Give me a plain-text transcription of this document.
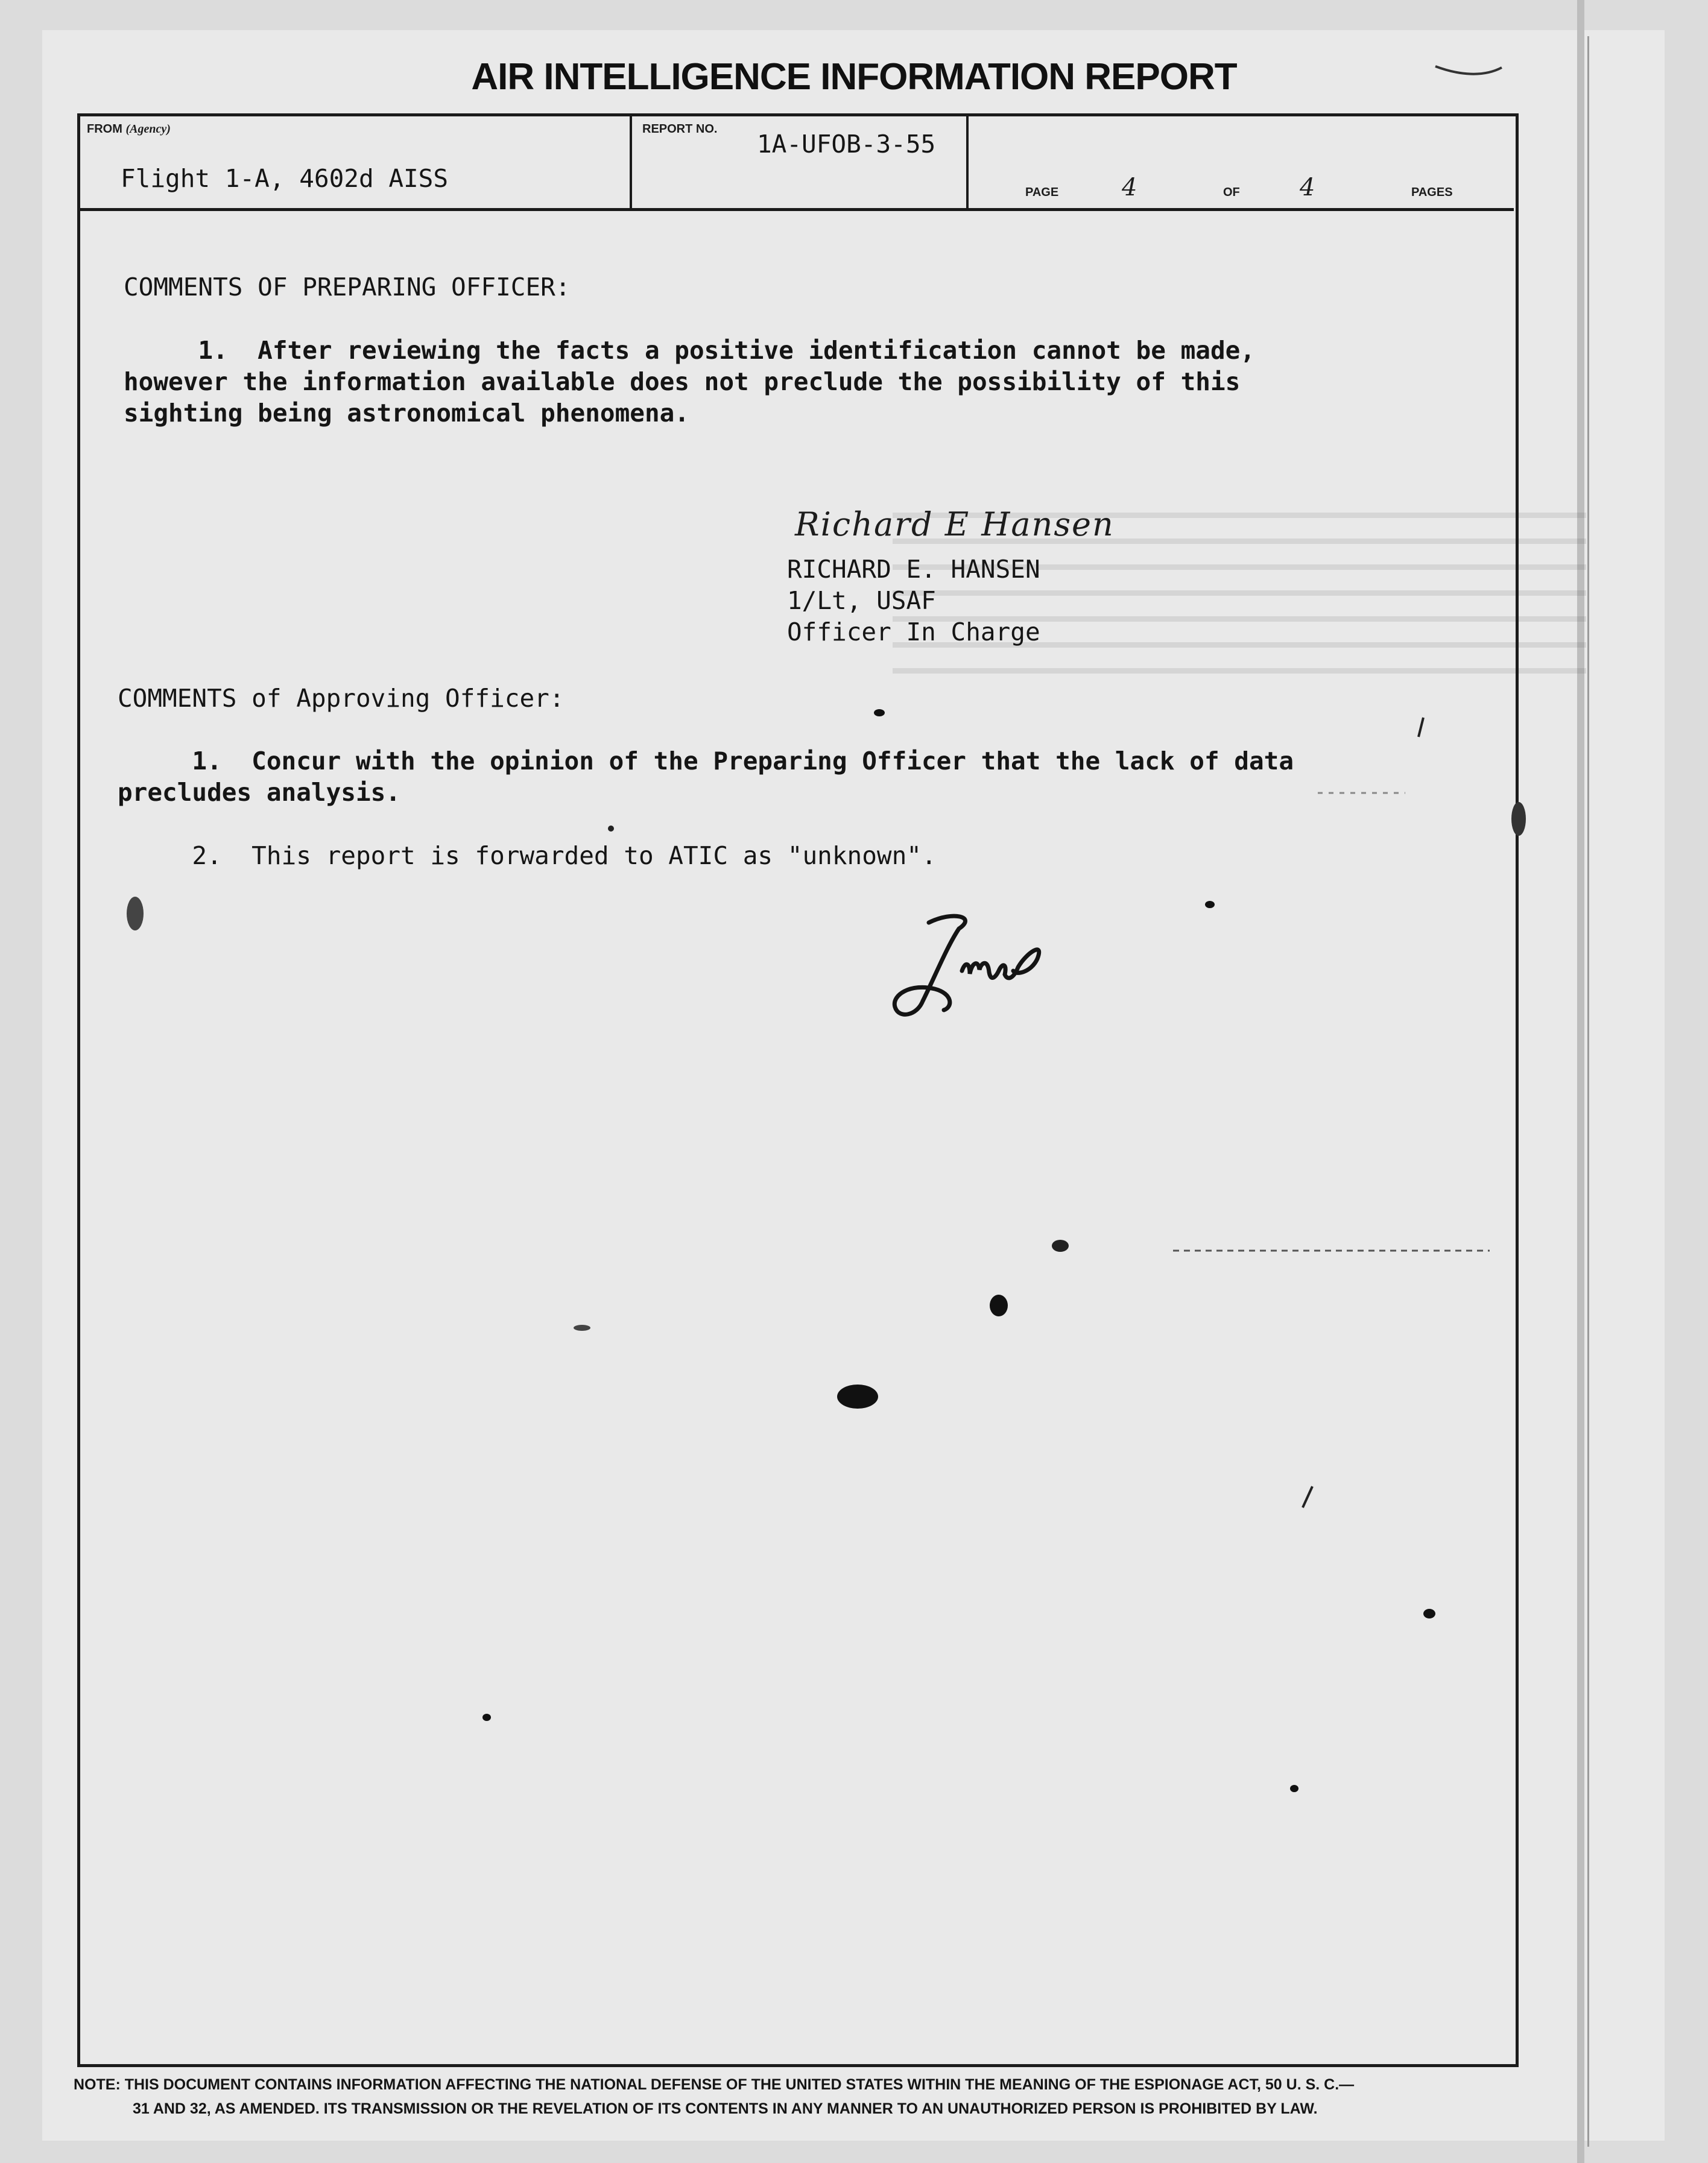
AIR INTELLIGENCE INFORMATION REPORT
FROM (Agency)
Flight 1-A, 4602d AISS
REPORT NO.
1A-UFOB-3-55
PAGE	4	OF 4	PAGES
COMMENTS OF PREPARING OFFICER:
1.  After reviewing the facts a positive identification cannot be made,
however the information available does not preclude the possibility of this
sighting being astronomical phenomena.
Richard E Hansen
RICHARD E. HANSEN
1/Lt, USAF
Officer In Charge
COMMENTS of Approving Officer:
1.  Concur with the opinion of the Preparing Officer that the lack of data
precludes analysis.
2.  This report is forwarded to ATIC as "unknown".
NOTE: THIS DOCUMENT CONTAINS INFORMATION AFFECTING THE NATIONAL DEFENSE OF THE UNITED STATES WITHIN THE MEANING OF THE ESPIONAGE ACT, 50 U. S. C.—
31 AND 32, AS AMENDED. ITS TRANSMISSION OR THE REVELATION OF ITS CONTENTS IN ANY MANNER TO AN UNAUTHORIZED PERSON IS PROHIBITED BY LAW.
